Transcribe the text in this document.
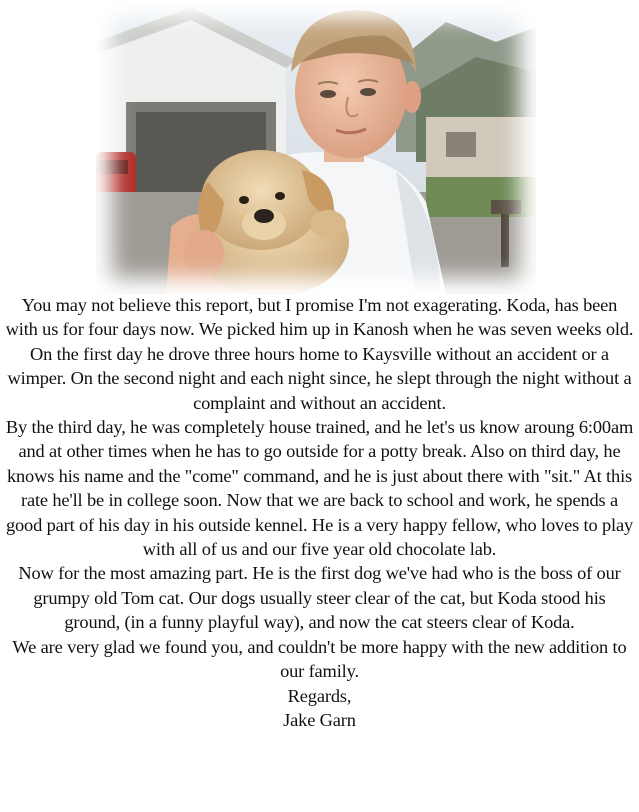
You may not believe this report, but I promise I'm not exagerating. Koda, has been with us for four days now. We picked him up in Kanosh when he was seven weeks old. On the first day he drove three hours home to Kaysville without an accident or a wimper. On the second night and each night since, he slept through the night without a complaint and without an accident.

By the third day, he was completely house trained, and he let's us know aroung 6:00am and at other times when he has to go outside for a potty break. Also on third day, he knows his name and the "come" command, and he is just about there with "sit." At this rate he'll be in college soon. Now that we are back to school and work, he spends a good part of his day in his outside kennel. He is a very happy fellow, who loves to play with all of us and our five year old chocolate lab.

Now for the most amazing part. He is the first dog we've had who is the boss of our grumpy old Tom cat. Our dogs usually steer clear of the cat, but Koda stood his ground, (in a funny playful way), and now the cat steers clear of Koda.

We are very glad we found you, and couldn't be more happy with the new addition to our family.

Regards,

Jake Garn
